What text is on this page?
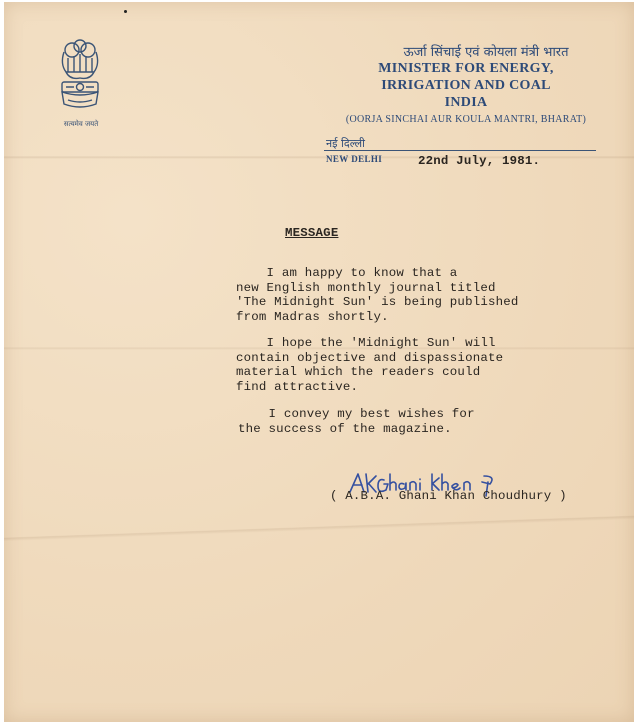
सत्यमेव जयते
ऊर्जा सिंचाई एवं कोयला मंत्री भारत
MINISTER FOR ENERGY,
IRRIGATION AND COAL
INDIA
(OORJA SINCHAI AUR KOULA MANTRI, BHARAT)
नई दिल्ली
NEW DELHI	22nd July, 1981.
MESSAGE

I am happy to know that a
new English monthly journal titled
'The Midnight Sun' is being published
from Madras shortly.

I hope the 'Midnight Sun' will
contain objective and dispassionate
material which the readers could
find attractive.

I convey my best wishes for
the success of the magazine.

( A.B.A. Ghani Khan Choudhury )
